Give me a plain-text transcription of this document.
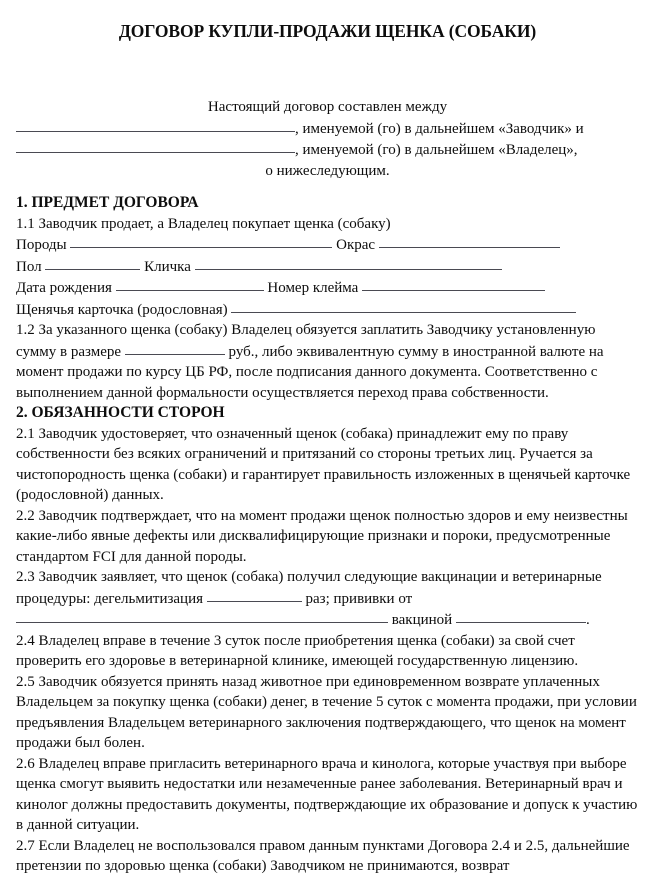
ДОГОВОР КУПЛИ-ПРОДАЖИ ЩЕНКА (СОБАКИ)
Настоящий договор составлен между
, именуемой (го) в дальнейшем «Заводчик» и
, именуемой (го) в дальнейшем «Владелец»,
о нижеследующим.
1. ПРЕДМЕТ ДОГОВОРА

1.1 Заводчик продает, а Владелец покупает щенка (собаку)

Породы	Окрас
Пол	Кличка
Дата рождения	Номер клейма
Щенячья карточка (родословная)

1.2 За указанного щенка (собаку) Владелец обязуется заплатить Заводчику установленную сумму в размере	руб., либо эквивалентную сумму в иностранной валюте на момент продажи по курсу ЦБ РФ, после подписания данного документа. Соответственно с выполнением данной формальности осуществляется переход права собственности.

2. ОБЯЗАННОСТИ СТОРОН

2.1 Заводчик удостоверяет, что означенный щенок (собака) принадлежит ему по праву собственности без всяких ограничений и притязаний со стороны третьих лиц. Ручается за чистопородность щенка (собаки) и гарантирует правильность изложенных в щенячьей карточке (родословной) данных.

2.2 Заводчик подтверждает, что на момент продажи щенок полностью здоров и ему неизвестны какие-либо явные дефекты или дисквалифицирующие признаки и пороки, предусмотренные стандартом FCI для данной породы.

2.3 Заводчик заявляет, что щенок (собака) получил следующие вакцинации и ветеринарные процедуры: дегельмитизация	раз; прививки от

вакциной	.

2.4 Владелец вправе в течение 3 суток после приобретения щенка (собаки) за свой счет проверить его здоровье в ветеринарной клинике, имеющей государственную лицензию.

2.5 Заводчик обязуется принять назад животное при единовременном возврате уплаченных Владельцем за покупку щенка (собаки) денег, в течение 5 суток с момента продажи, при условии предъявления Владельцем ветеринарного заключения подтверждающего, что щенок на момент продажи был болен.

2.6 Владелец вправе пригласить ветеринарного врача и кинолога, которые участвуя при выборе щенка смогут выявить недостатки или незамеченные ранее заболевания. Ветеринарный врач и кинолог должны предоставить документы, подтверждающие их образование и допуск к участию в данной ситуации.

2.7 Если Владелец не воспользовался правом данным пунктами Договора 2.4 и 2.5, дальнейшие претензии по здоровью щенка (собаки) Заводчиком не принимаются, возврат
